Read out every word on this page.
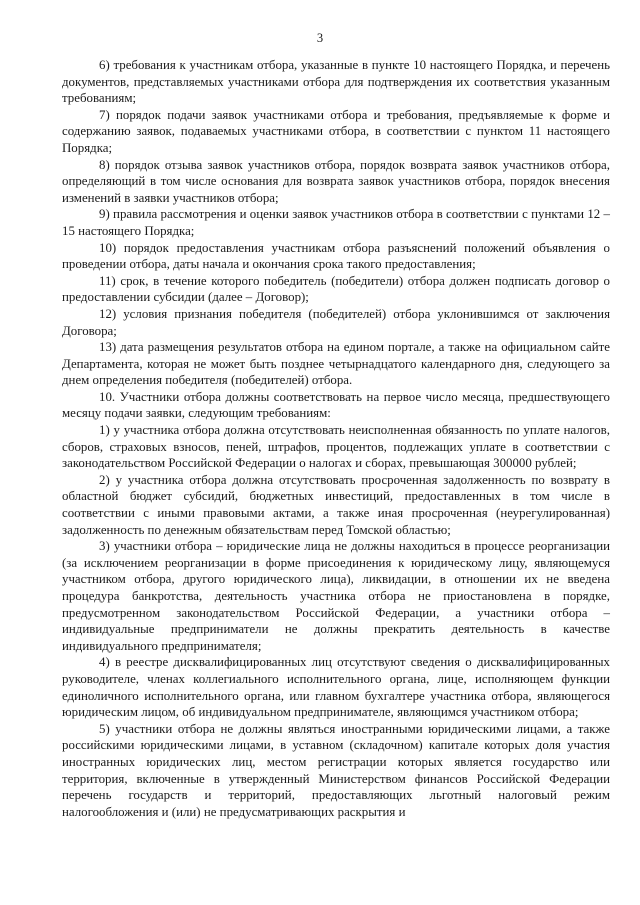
3

6) требования к участникам отбора, указанные в пункте 10 настоящего Порядка, и перечень документов, представляемых участниками отбора для подтверждения их соответствия указанным требованиям;

7) порядок подачи заявок участниками отбора и требования, предъявляемые к форме и содержанию заявок, подаваемых участниками отбора, в соответствии с пунктом 11 настоящего Порядка;

8) порядок отзыва заявок участников отбора, порядок возврата заявок участников отбора, определяющий в том числе основания для возврата заявок участников отбора, порядок внесения изменений в заявки участников отбора;

9) правила рассмотрения и оценки заявок участников отбора в соответствии с пунктами 12 – 15 настоящего Порядка;

10) порядок предоставления участникам отбора разъяснений положений объявления о проведении отбора, даты начала и окончания срока такого предоставления;

11) срок, в течение которого победитель (победители) отбора должен подписать договор о предоставлении субсидии (далее – Договор);

12) условия признания победителя (победителей) отбора уклонившимся от заключения Договора;

13) дата размещения результатов отбора на едином портале, а также на официальном сайте Департамента, которая не может быть позднее четырнадцатого календарного дня, следующего за днем определения победителя (победителей) отбора.

10. Участники отбора должны соответствовать на первое число месяца, предшествующего месяцу подачи заявки, следующим требованиям:

1) у участника отбора должна отсутствовать неисполненная обязанность по уплате налогов, сборов, страховых взносов, пеней, штрафов, процентов, подлежащих уплате в соответствии с законодательством Российской Федерации о налогах и сборах, превышающая 300000 рублей;

2) у участника отбора должна отсутствовать просроченная задолженность по возврату в областной бюджет субсидий, бюджетных инвестиций, предоставленных в том числе в соответствии с иными правовыми актами, а также иная просроченная (неурегулированная) задолженность по денежным обязательствам перед Томской областью;

3) участники отбора – юридические лица не должны находиться в процессе реорганизации (за исключением реорганизации в форме присоединения к юридическому лицу, являющемуся участником отбора, другого юридического лица), ликвидации, в отношении их не введена процедура банкротства, деятельность участника отбора не приостановлена в порядке, предусмотренном законодательством Российской Федерации, а участники отбора – индивидуальные предприниматели не должны прекратить деятельность в качестве индивидуального предпринимателя;

4) в реестре дисквалифицированных лиц отсутствуют сведения о дисквалифицированных руководителе, членах коллегиального исполнительного органа, лице, исполняющем функции единоличного исполнительного органа, или главном бухгалтере участника отбора, являющегося юридическим лицом, об индивидуальном предпринимателе, являющимся участником отбора;

5) участники отбора не должны являться иностранными юридическими лицами, а также российскими юридическими лицами, в уставном (складочном) капитале которых доля участия иностранных юридических лиц, местом регистрации которых является государство или территория, включенные в утвержденный Министерством финансов Российской Федерации перечень государств и территорий, предоставляющих льготный налоговый режим налогообложения и (или) не предусматривающих раскрытия и
